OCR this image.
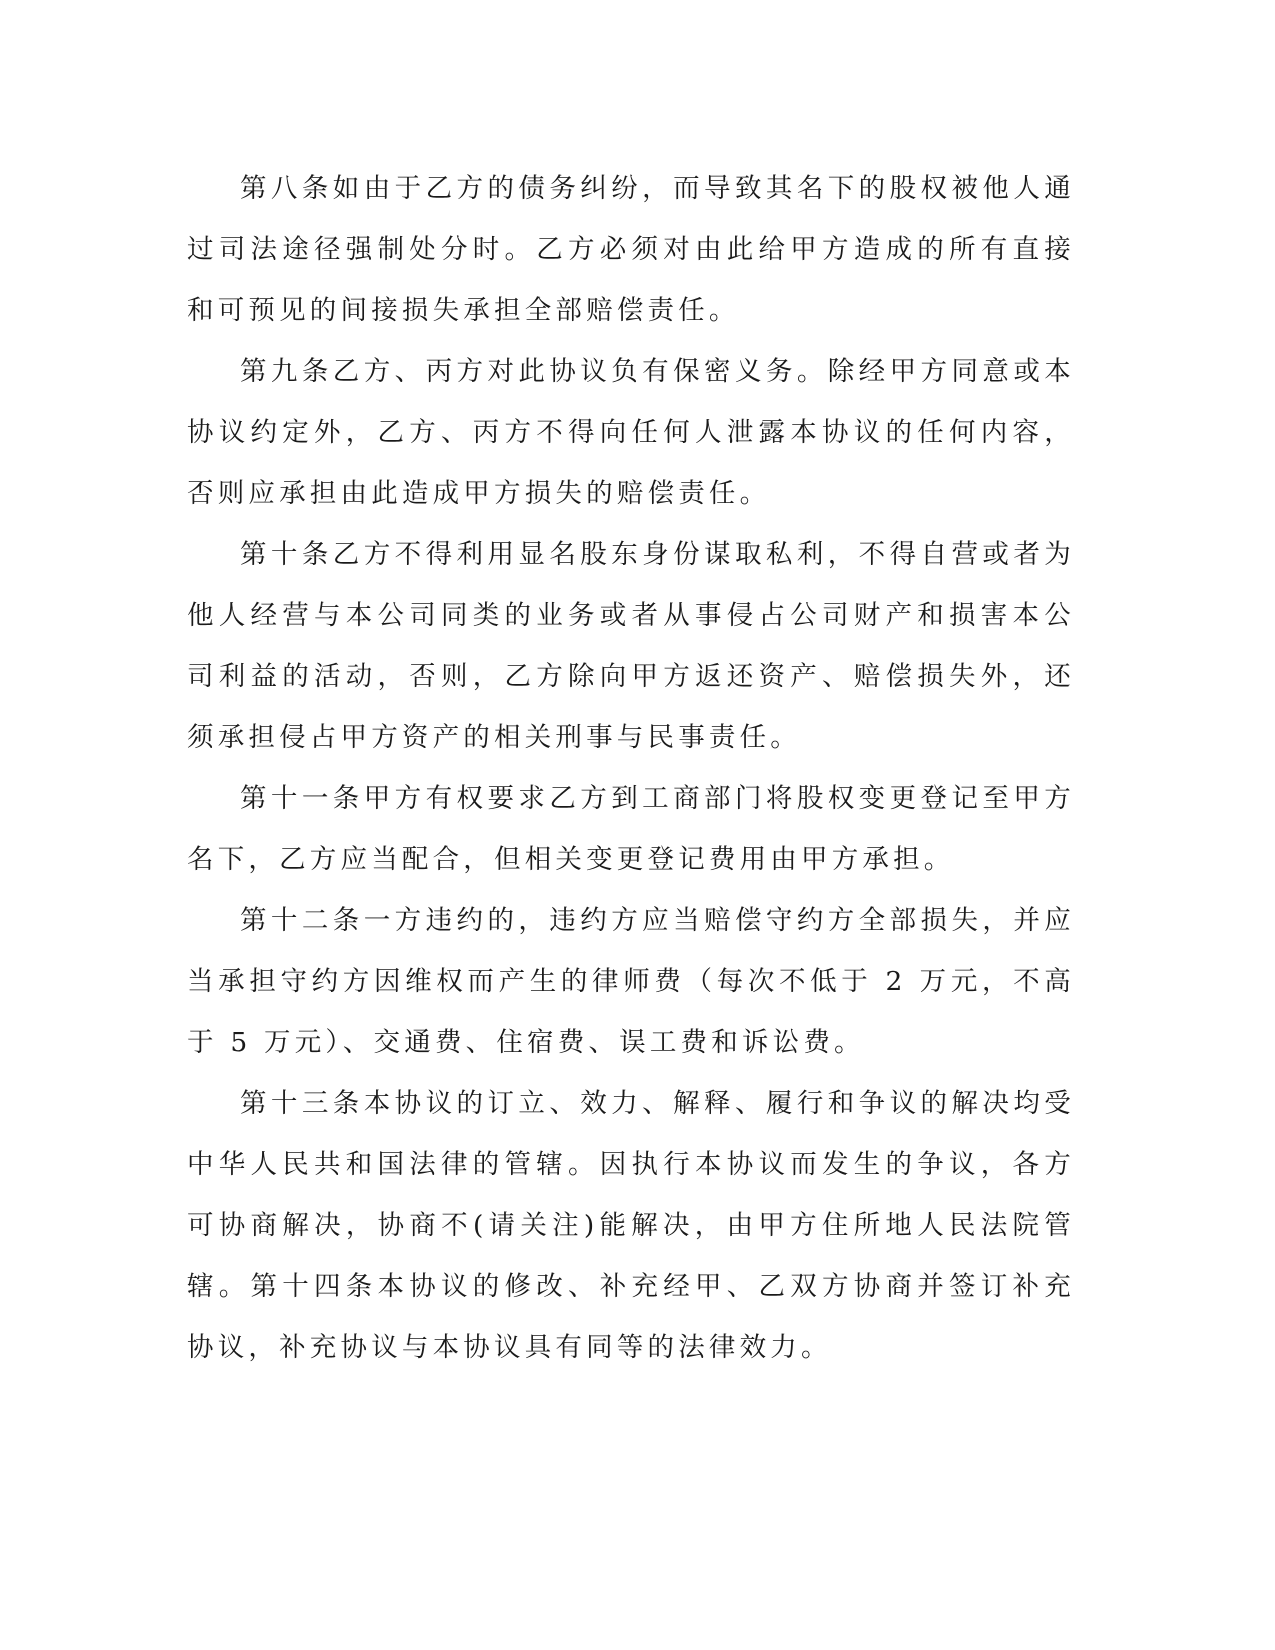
第八条如由于乙方的债务纠纷，而导致其名下的股权被他人通过司法途径强制处分时。乙方必须对由此给甲方造成的所有直接和可预见的间接损失承担全部赔偿责任。

第九条乙方、丙方对此协议负有保密义务。除经甲方同意或本协议约定外，乙方、丙方不得向任何人泄露本协议的任何内容，否则应承担由此造成甲方损失的赔偿责任。

第十条乙方不得利用显名股东身份谋取私利，不得自营或者为他人经营与本公司同类的业务或者从事侵占公司财产和损害本公司利益的活动，否则，乙方除向甲方返还资产、赔偿损失外，还须承担侵占甲方资产的相关刑事与民事责任。

第十一条甲方有权要求乙方到工商部门将股权变更登记至甲方名下，乙方应当配合，但相关变更登记费用由甲方承担。

第十二条一方违约的，违约方应当赔偿守约方全部损失，并应当承担守约方因维权而产生的律师费（每次不低于 2 万元，不高于 5 万元）、交通费、住宿费、误工费和诉讼费。

第十三条本协议的订立、效力、解释、履行和争议的解决均受中华人民共和国法律的管辖。因执行本协议而发生的争议，各方可协商解决，协商不(请关注)能解决，由甲方住所地人民法院管辖。第十四条本协议的修改、补充经甲、乙双方协商并签订补充协议，补充协议与本协议具有同等的法律效力。
